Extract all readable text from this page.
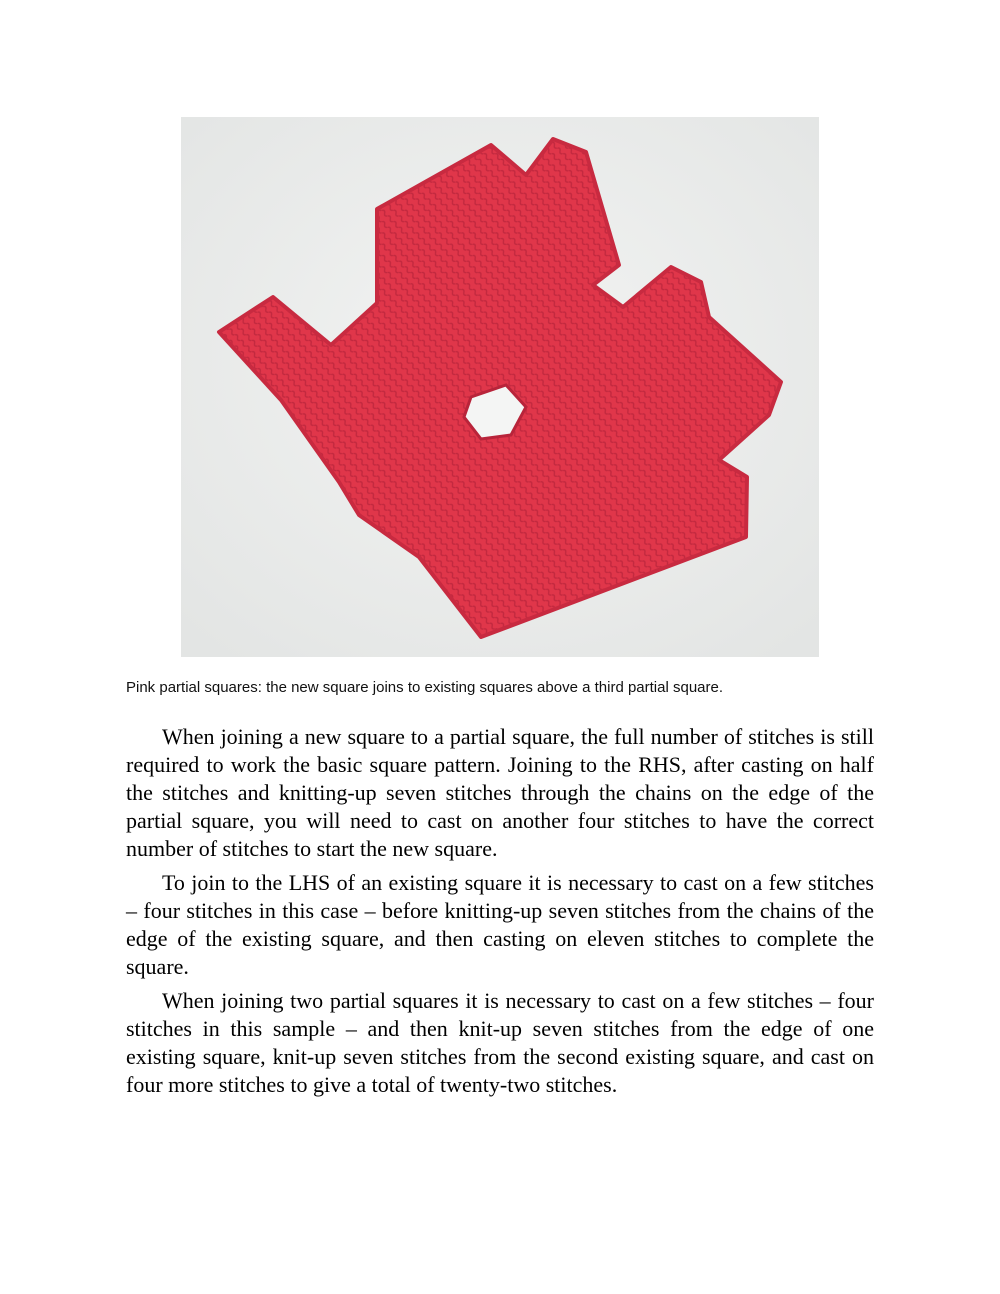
Pink partial squares: the new square joins to existing squares above a third partial square.

When joining a new square to a partial square, the full number of stitches is still required to work the basic square pattern. Joining to the RHS, after casting on half the stitches and knitting-up seven stitches through the chains on the edge of the partial square, you will need to cast on another four stitches to have the correct number of stitches to start the new square.

To join to the LHS of an existing square it is necessary to cast on a few stitches – four stitches in this case – before knitting-up seven stitches from the chains of the edge of the existing square, and then casting on eleven stitches to complete the square.

When joining two partial squares it is necessary to cast on a few stitches – four stitches in this sample – and then knit-up seven stitches from the edge of one existing square, knit-up seven stitches from the second existing square, and cast on four more stitches to give a total of twenty-two stitches.
